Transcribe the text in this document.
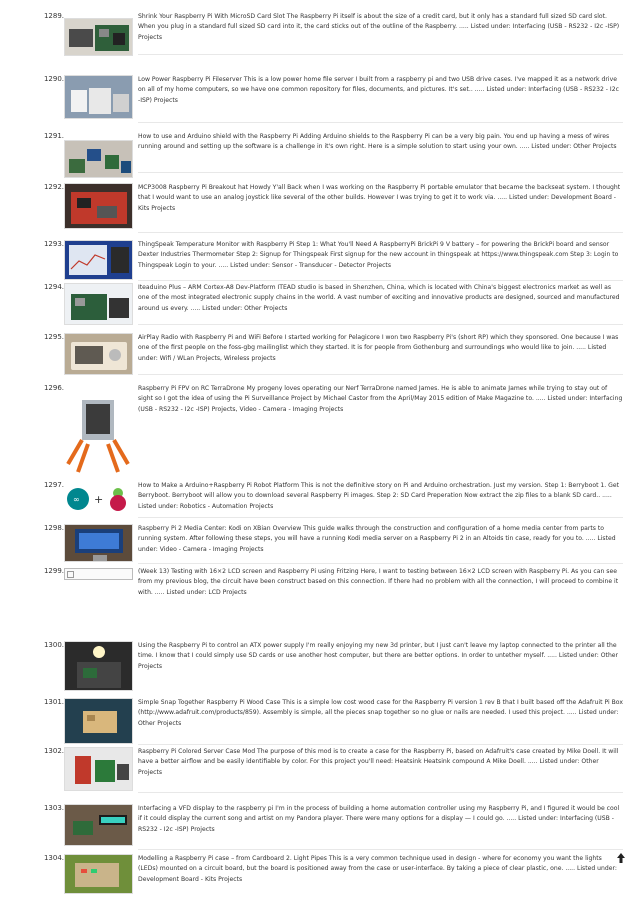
1289.	Shrink Your Raspberry Pi With MicroSD Card Slot The Raspberry Pi itself is about the size of a credit card, but it only has a standard full sized SD card slot. When you plug in a standard full sized SD card into it, the card sticks out of the outline of the Raspberry. ..... Listed under: Interfacing (USB - RS232 - I2c -ISP) Projects
1290.	Low Power Raspberry Pi Fileserver This is a low power home file server I built from a raspberry pi and two USB drive cases. I've mapped it as a network drive on all of my home computers, so we have one common repository for files, documents, and pictures. It's set.. ..... Listed under: Interfacing (USB - RS232 - I2c -ISP) Projects
1291.	How to use and Arduino shield with the Raspberry Pi Adding Arduino shields to the Raspberry Pi can be a very big pain. You end up having a mess of wires running around and setting up the software is a challenge in it's own right. Here is a simple solution to start using your own. ..... Listed under: Other Projects
1292.	MCP3008 Raspberry Pi Breakout hat Howdy Y'all Back when I was working on the Raspberry Pi portable emulator that became the backseat system. I thought that I would want to use an analog joystick like several of the other builds. However I was trying to get it to work via. ..... Listed under: Development Board - Kits Projects
1293.	ThingSpeak Temperature Monitor with Raspberry Pi Step 1: What You'll Need A RaspberryPi BrickPi 9 V battery – for powering the BrickPi board and sensor Dexter Industries Thermometer Step 2: Signup for Thingspeak First signup for the new account in thingspeak at https://www.thingspeak.com Step 3: Login to Thingspeak Login to your. ..... Listed under: Sensor - Transducer - Detector Projects
1294.	Iteaduino Plus – ARM Cortex-A8 Dev-Platform ITEAD studio is based in Shenzhen, China, which is located with China's biggest electronics market as well as one of the most integrated electronic supply chains in the world. A vast number of exciting and innovative products are designed, sourced and manufactured around us every. ..... Listed under: Other Projects
1295.	AirPlay Radio with Raspberry Pi and WiFi Before I started working for Pelagicore I won two Raspberry Pi's (short RP) which they sponsored. One because I was one of the first people on the foss-gbg mailinglist which they started. It is for people from Gothenburg and surroundings who would like to join. ..... Listed under: Wifi / WLan Projects, Wireless projects
1296.	Raspberry Pi FPV on RC TerraDrone My progeny loves operating our Nerf TerraDrone named James. He is able to animate James while trying to stay out of sight so I got the idea of using the Pi Surveillance Project by Michael Castor from the April/May 2015 edition of Make Magazine to. ..... Listed under: Interfacing (USB - RS232 - I2c -ISP) Projects, Video - Camera - Imaging Projects
1297.
∞ +
How to Make a Arduino+Raspberry Pi Robot Platform This is not the definitive story on Pi and Arduino orchestration. Just my version. Step 1: Berryboot 1. Get Berryboot. Berryboot will allow you to download several Raspberry Pi images. Step 2: SD Card Preperation Now extract the zip files to a blank SD card.. ..... Listed under: Robotics - Automation Projects
1298.	Raspberry Pi 2 Media Center: Kodi on XBian Overview This guide walks through the construction and configuration of a home media center from parts to running system. After following these steps, you will have a running Kodi media server on a Raspberry Pi 2 in an Altoids tin case, ready for you to. ..... Listed under: Video - Camera - Imaging Projects
1299.	(Week 13) Testing with 16×2 LCD screen and Raspberry Pi using Fritzing Here, I want to testing between 16×2 LCD screen with Raspberry Pi. As you can see from my previous blog, the circuit have been construct based on this connection. If there had no problem with all the connection, I will proceed to combine it with. ..... Listed under: LCD Projects
1300.	Using the Raspberry Pi to control an ATX power supply I'm really enjoying my new 3d printer, but I just can't leave my laptop connected to the printer all the time. I know that I could simply use SD cards or use another host computer, but there are better options. In order to untether myself. ..... Listed under: Other Projects
1301.	Simple Snap Together Raspberry Pi Wood Case This is a simple low cost wood case for the Raspberry Pi version 1 rev B that I built based off the Adafruit Pi Box (http://www.adafruit.com/products/859). Assembly is simple, all the pieces snap together so no glue or nails are needed. I used this project. ..... Listed under: Other Projects
1302.	Raspberry Pi Colored Server Case Mod The purpose of this mod is to create a case for the Raspberry Pi, based on Adafruit's case created by Mike Doell. It will have a better airflow and be easily identifiable by color. For this project you'll need: Heatsink Heatsink compound A Mike Doell. ..... Listed under: Other Projects
1303.	Interfacing a VFD display to the raspberry pi I'm in the process of building a home automation controller using my Raspberry Pi, and I figured it would be cool if it could display the current song and artist on my Pandora player. There were many options for a display — I could go. ..... Listed under: Interfacing (USB - RS232 - I2c -ISP) Projects
1304.	Modelling a Raspberry Pi case – from Cardboard 2. Light Pipes This is a very common technique used in design - where for economy you want the lights (LEDs) mounted on a circuit board, but the board is positioned away from the case or user-interface. By taking a piece of clear plastic, one. ..... Listed under: Development Board - Kits Projects
